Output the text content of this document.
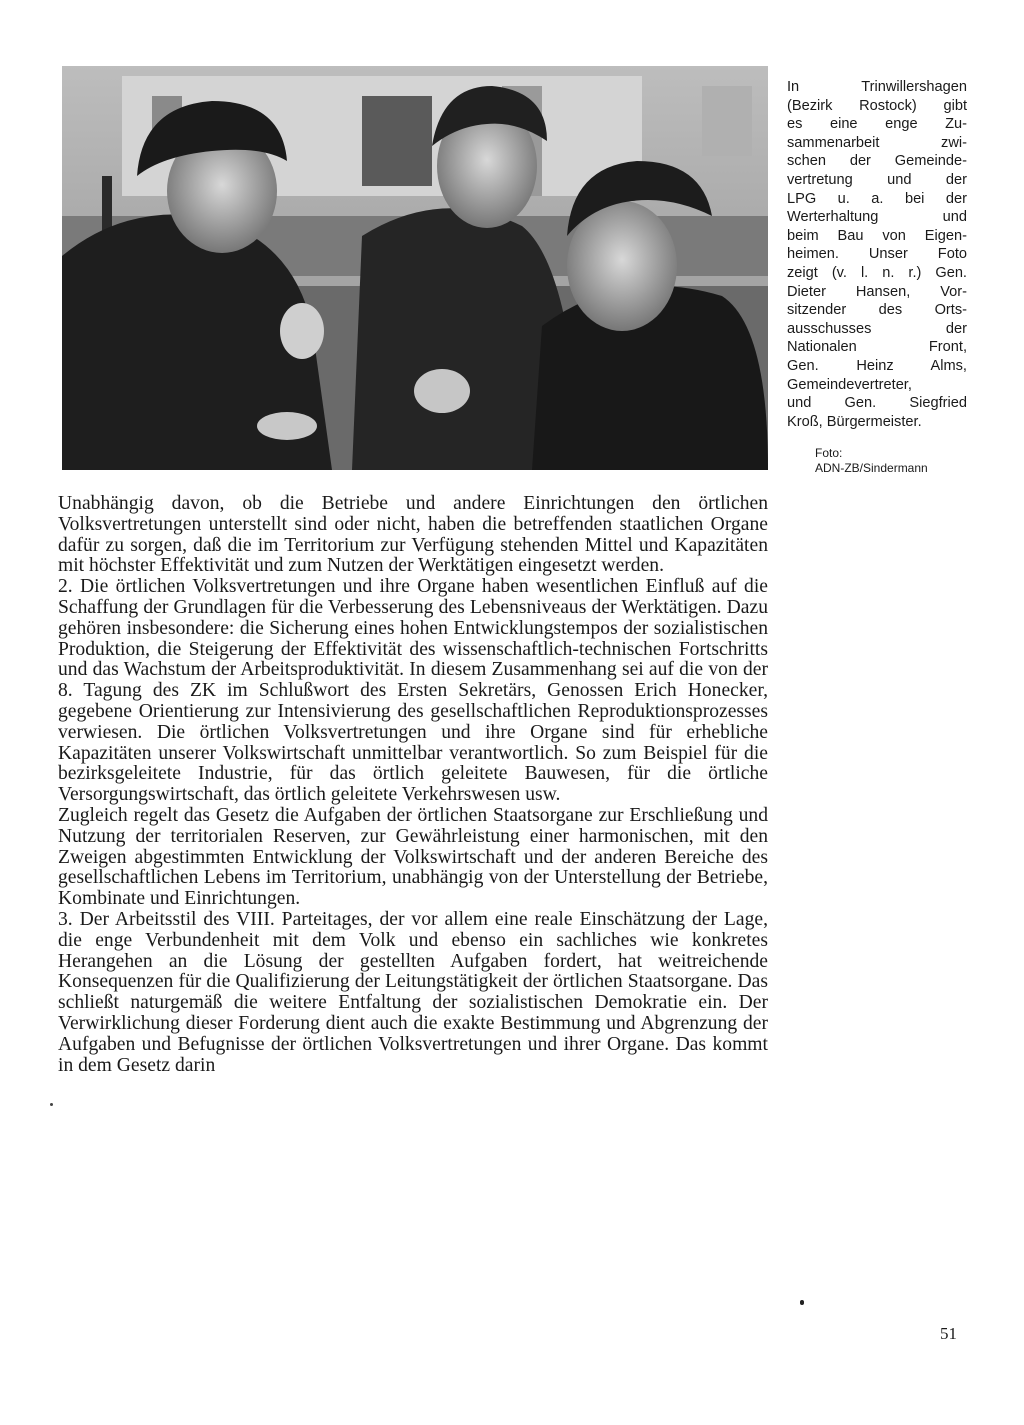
In Trinwillershagen

(Bezirk Rostock) gibt

es eine enge Zu-

sammenarbeit zwi-

schen der Gemeinde-

vertretung und der

LPG u. a. bei der

Werterhaltung und

beim Bau von Eigen-

heimen. Unser Foto

zeigt (v. l. n. r.) Gen.

Dieter Hansen, Vor-

sitzender des Orts-

ausschusses der

Nationalen Front,

Gen. Heinz Alms,

Gemeindevertreter,

und Gen. Siegfried

Kroß, Bürgermeister.

Foto:
ADN-ZB/Sindermann

Unabhängig davon, ob die Betriebe und andere Einrichtungen den örtlichen Volksvertretungen unterstellt sind oder nicht, haben die betreffenden staatlichen Organe dafür zu sorgen, daß die im Territorium zur Verfügung stehenden Mittel und Kapazitäten mit höchster Effektivität und zum Nutzen der Werktätigen eingesetzt werden.

2. Die örtlichen Volksvertretungen und ihre Organe haben wesentlichen Einfluß auf die Schaffung der Grundlagen für die Verbesserung des Lebensniveaus der Werktätigen. Dazu gehören insbesondere: die Sicherung eines hohen Entwicklungstempos der sozialistischen Produktion, die Steigerung der Effektivität des wissenschaftlich-technischen Fortschritts und das Wachstum der Arbeitsproduktivität. In diesem Zusammenhang sei auf die von der 8. Tagung des ZK im Schlußwort des Ersten Sekretärs, Genossen Erich Honecker, gegebene Orientierung zur Intensivierung des gesellschaftlichen Reproduktionsprozesses verwiesen. Die örtlichen Volksvertretungen und ihre Organe sind für erhebliche Kapazitäten unserer Volkswirtschaft unmittelbar verantwortlich. So zum Beispiel für die bezirksgeleitete Industrie, für das örtlich geleitete Bauwesen, für die örtliche Versorgungswirtschaft, das örtlich geleitete Verkehrswesen usw.

Zugleich regelt das Gesetz die Aufgaben der örtlichen Staatsorgane zur Erschließung und Nutzung der territorialen Reserven, zur Gewährleistung einer harmonischen, mit den Zweigen abgestimmten Entwicklung der Volkswirtschaft und der anderen Bereiche des gesellschaftlichen Lebens im Territorium, unabhängig von der Unterstellung der Betriebe, Kombinate und Einrichtungen.

3. Der Arbeitsstil des VIII. Parteitages, der vor allem eine reale Einschätzung der Lage, die enge Verbundenheit mit dem Volk und ebenso ein sachliches wie konkretes Herangehen an die Lösung der gestellten Aufgaben fordert, hat weitreichende Konsequenzen für die Qualifizierung der Leitungstätigkeit der örtlichen Staatsorgane. Das schließt naturgemäß die weitere Entfaltung der sozialistischen Demokratie ein. Der Verwirklichung dieser Forderung dient auch die exakte Bestimmung und Abgrenzung der Aufgaben und Befugnisse der örtlichen Volksvertretungen und ihrer Organe. Das kommt in dem Gesetz darin

51
